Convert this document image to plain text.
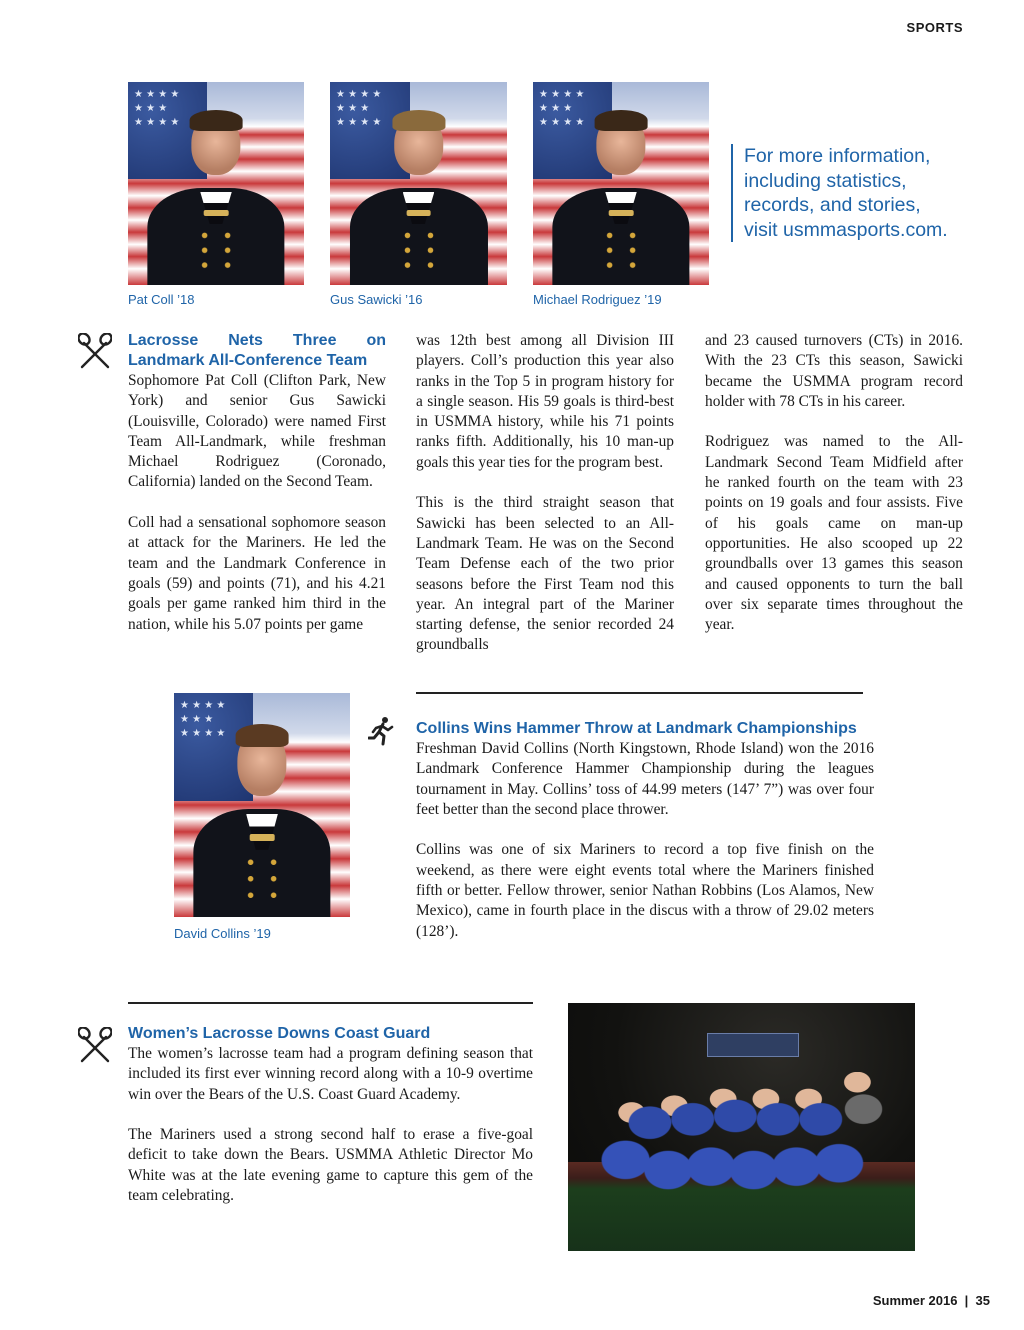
SPORTS
Summer 2016  |  35
★ ★ ★ ★ ★ ★ ★ ★ ★ ★ ★
Pat Coll ’18
★ ★ ★ ★ ★ ★ ★ ★ ★ ★ ★	Gus Sawicki ’16
★ ★ ★ ★ ★ ★ ★ ★ ★ ★ ★	Michael Rodriguez ’19
For more information, including statistics, records, and stories, visit usmmasports.com.
Lacrosse Nets Three on Landmark All-Conference Team

Sophomore Pat Coll (Clifton Park, New York) and senior Gus Sawicki (Louisville, Colorado) were named First Team All-Landmark, while freshman Michael Rodriguez (Coronado, California) landed on the Second Team.

Coll had a sensational sophomore season at attack for the Mariners. He led the team and the Landmark Conference in goals (59) and points (71), and his 4.21 goals per game ranked him third in the nation, while his 5.07 points per game

was 12th best among all Division III players. Coll’s production this year also ranks in the Top 5 in program history for a single season. His 59 goals is third-best in USMMA history, while his 71 points ranks fifth. Additionally, his 10 man-up goals this year ties for the program best.

This is the third straight season that Sawicki has been selected to an All-Landmark Team. He was on the Second Team Defense each of the two prior seasons before the First Team nod this year. An integral part of the Mariner starting defense, the senior recorded 24 groundballs

and 23 caused turnovers (CTs) in 2016. With the 23 CTs this season, Sawicki became the USMMA program record holder with 78 CTs in his career.

Rodriguez was named to the All-Landmark Second Team Midfield after he ranked fourth on the team with 23 points on 19 goals and four assists. Five of his goals came on man-up opportunities. He also scooped up 22 groundballs over 13 games this season and caused opponents to turn the ball over six separate times throughout the year.

★ ★ ★ ★ ★ ★ ★ ★ ★ ★ ★
David Collins ’19
Collins Wins Hammer Throw at Landmark Championships

Freshman David Collins (North Kingstown, Rhode Island) won the 2016 Landmark Conference Hammer Championship during the leagues tournament in May. Collins’ toss of 44.99 meters (147’ 7”) was over four feet better than the second place thrower.

Collins was one of six Mariners to record a top five finish on the weekend, as there were eight events total where the Mariners finished fifth or better. Fellow thrower, senior Nathan Robbins (Los Alamos, New Mexico), came in fourth place in the discus with a throw of 29.02 meters (128’).

Women’s Lacrosse Downs Coast Guard

The women’s lacrosse team had a program defining season that included its first ever winning record along with a 10-9 overtime win over the Bears of the U.S. Coast Guard Academy.

The Mariners used a strong second half to erase a five-goal deficit to take down the Bears. USMMA Athletic Director Mo White was at the late evening game to capture this gem of the team celebrating.
